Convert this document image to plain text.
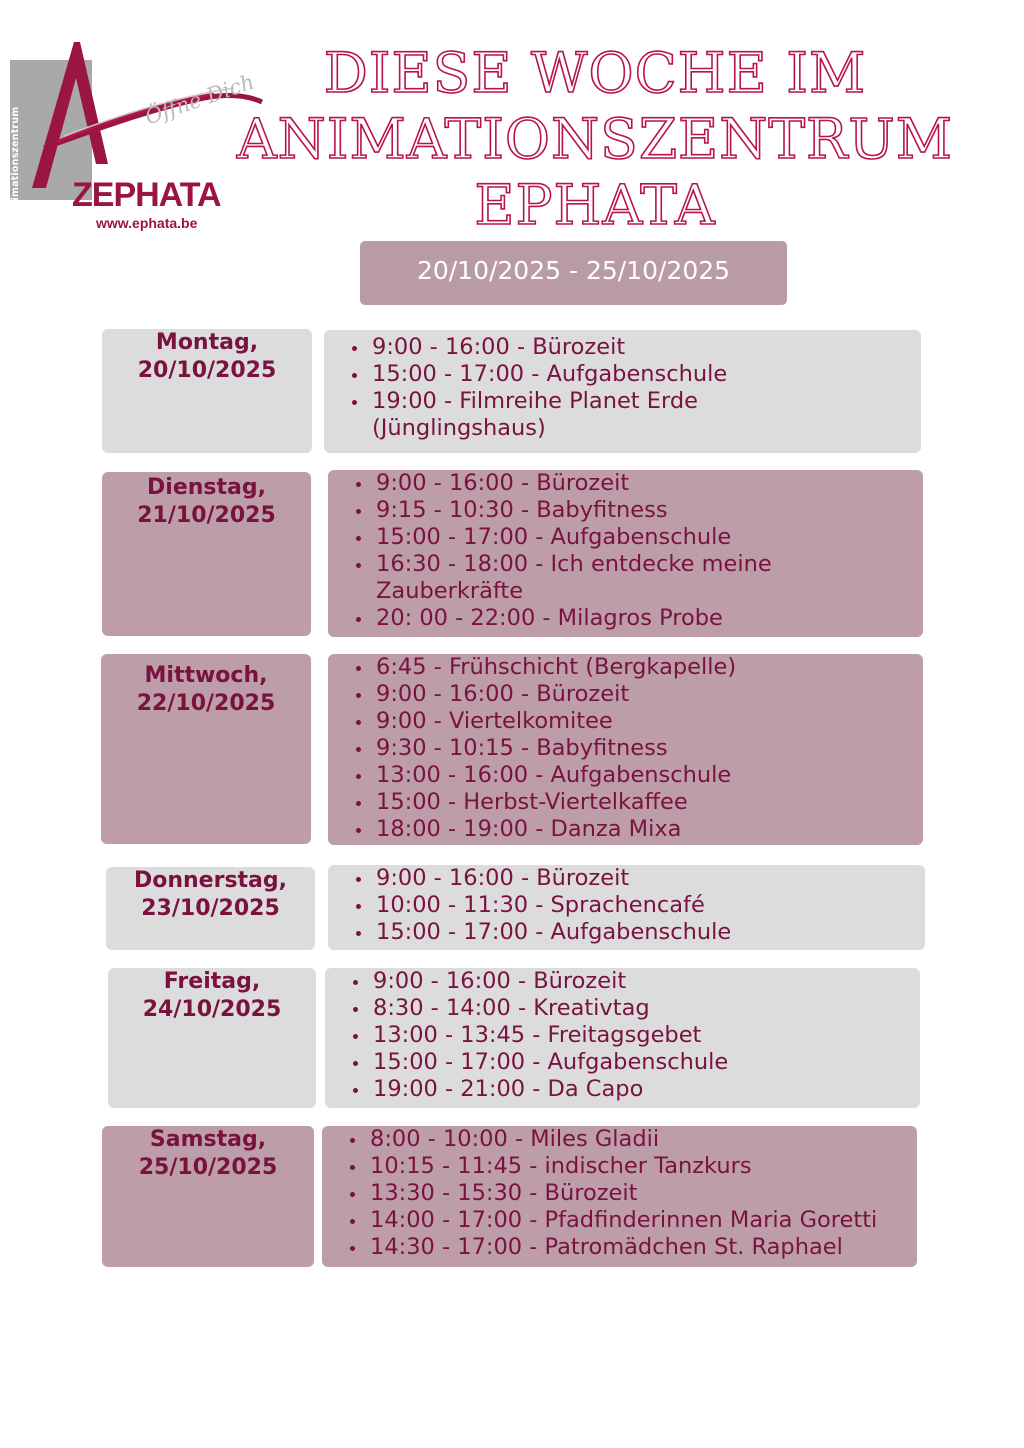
Animationszentrum
Öffne Dich
ZEPHATA
www.ephata.be
DIESE WOCHE IM
ANIMATIONSZENTRUM
EPHATA
20/10/2025 - 25/10/2025
Montag,
20/10/2025
9:00 - 16:00 - Bürozeit
15:00 - 17:00 - Aufgabenschule
19:00 - Filmreihe Planet Erde
(Jünglingshaus)
Dienstag,
21/10/2025
9:00 - 16:00 - Bürozeit
9:15 - 10:30 - Babyfitness
15:00 - 17:00 - Aufgabenschule
16:30 - 18:00 - Ich entdecke meine
Zauberkräfte
20: 00 - 22:00 - Milagros Probe
Mittwoch,
22/10/2025
6:45 - Frühschicht (Bergkapelle)
9:00 - 16:00 - Bürozeit
9:00 - Viertelkomitee
9:30 - 10:15 - Babyfitness
13:00 - 16:00 - Aufgabenschule
15:00 - Herbst-Viertelkaffee
18:00 - 19:00 - Danza Mixa
Donnerstag,
23/10/2025
9:00 - 16:00 - Bürozeit
10:00 - 11:30 - Sprachencafé
15:00 - 17:00 - Aufgabenschule
Freitag,
24/10/2025
9:00 - 16:00 - Bürozeit
8:30 - 14:00 - Kreativtag
13:00 - 13:45 - Freitagsgebet
15:00 - 17:00 - Aufgabenschule
19:00 - 21:00 - Da Capo
Samstag,
25/10/2025
8:00 - 10:00 - Miles Gladii
10:15 - 11:45 - indischer Tanzkurs
13:30 - 15:30 - Bürozeit
14:00 - 17:00 - Pfadfinderinnen Maria Goretti
14:30 - 17:00 - Patromädchen St. Raphael
